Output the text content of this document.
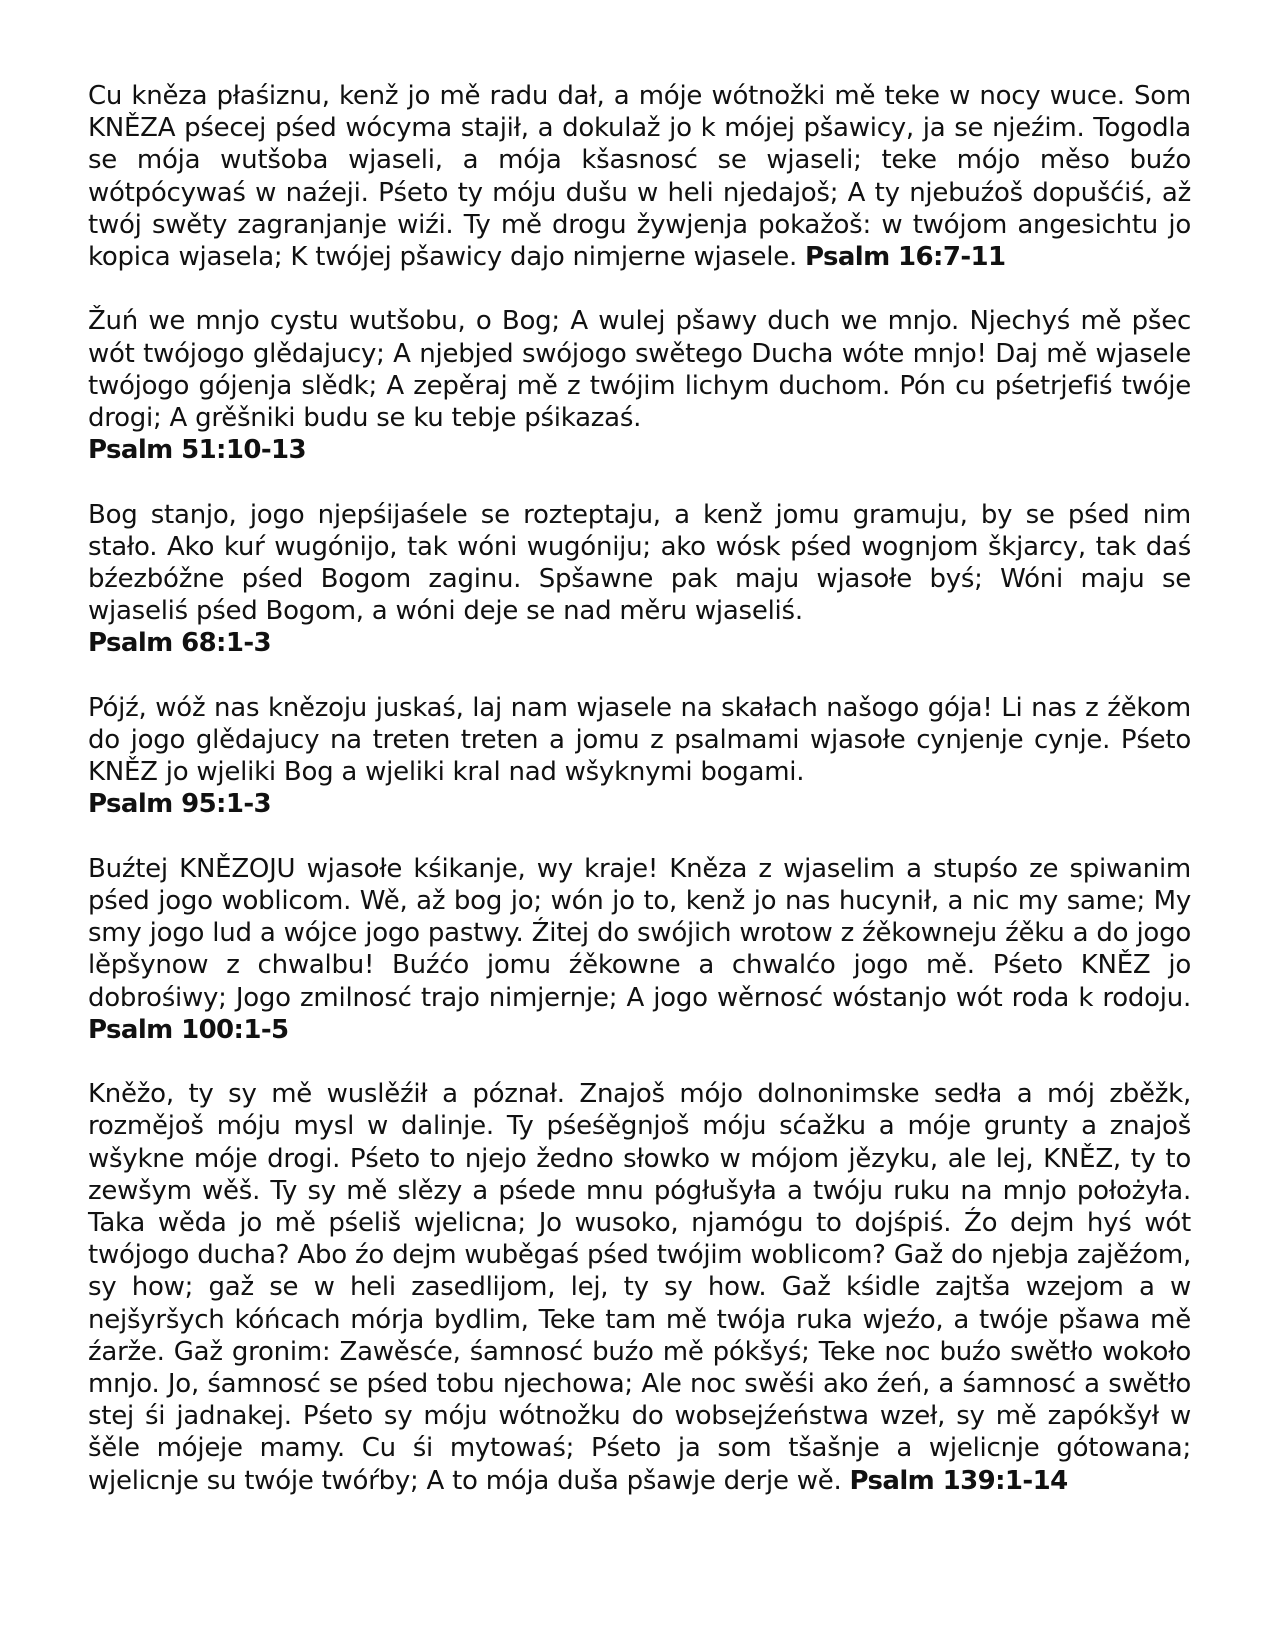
Cu kněza płaśiznu, kenž jo mě radu dał, a móje wótnožki mě teke w nocy wuce. Som KNĚZA pśecej pśed wócyma stajił, a dokulaž jo k mójej pšawicy, ja se njeźim. Togodla se mója wutšoba wjaseli, a mója kšasnosć se wjaseli; teke mójo měso buźo wótpócywaś w naźeji. Pśeto ty móju dušu w heli njedajoš; A ty njebuźoš dopušćiś, až twój swěty zagranjanje wiźi. Ty mě drogu žywjenja pokažoš: w twójom angesichtu jo kopica wjasela; K twójej pšawicy dajo nimjerne wjasele. Psalm 16:7-11

Žuń we mnjo cystu wutšobu, o Bog; A wulej pšawy duch we mnjo. Njechyś mě pšec wót twójogo glědajucy; A njebjed swójogo swětego Ducha wóte mnjo! Daj mě wjasele twójogo gójenja slědk; A zepěraj mě z twójim lichym duchom. Pón cu pśetrjefiś twóje drogi; A grěšniki budu se ku tebje pśikazaś.
Psalm 51:10-13

Bog stanjo, jogo njepśijaśele se rozteptaju, a kenž jomu gramuju, by se pśed nim stało. Ako kuŕ wugónijo, tak wóni wugóniju; ako wósk pśed wognjom škjarcy, tak daś bźezbóžne pśed Bogom zaginu. Spšawne pak maju wjasołe byś; Wóni maju se wjaseliś pśed Bogom, a wóni deje se nad měru wjaseliś.
Psalm 68:1-3

Pójź, wóž nas knězoju juskaś, laj nam wjasele na skałach našogo gója! Li nas z źěkom do jogo glědajucy na treten treten a jomu z psalmami wjasołe cynjenje cynje. Pśeto KNĚZ jo wjeliki Bog a wjeliki kral nad wšyknymi bogami.
Psalm 95:1-3

Buźtej KNĚZOJU wjasołe kśikanje, wy kraje! Kněza z wjaselim a stupśo ze spiwanim pśed jogo woblicom. Wě, až bog jo; wón jo to, kenž jo nas hucynił, a nic my same; My smy jogo lud a wójce jogo pastwy. Źitej do swójich wrotow z źěkowneju źěku a do jogo lěpšynow z chwalbu! Buźćo jomu źěkowne a chwalćo jogo mě. Pśeto KNĚZ jo dobrośiwy; Jogo zmilnosć trajo nimjernje; A jogo wěrnosć wóstanjo wót roda k rodoju. Psalm 100:1-5

Kněžo, ty sy mě wuslěźił a póznał. Znajoš mójo dolnonimske sedła a mój zběžk, rozmějoš móju mysl w dalinje. Ty pśeśěgnjoš móju sćažku a móje grunty a znajoš wšykne móje drogi. Pśeto to njejo žedno słowko w mójom jězyku, ale lej, KNĚZ, ty to zewšym wěš. Ty sy mě slězy a pśede mnu pógłušyła a twóju ruku na mnjo położyła. Taka wěda jo mě pśeliš wjelicna; Jo wusoko, njamógu to dojśpiś. Źo dejm hyś wót twójogo ducha? Abo źo dejm wuběgaś pśed twójim woblicom? Gaž do njebja zajěźom, sy how; gaž se w heli zasedlijom, lej, ty sy how. Gaž kśidle zajtša wzejom a w nejšyršych kóńcach mórja bydlim, Teke tam mě twója ruka wjeźo, a twóje pšawa mě źarže. Gaž gronim: Zawěsće, śamnosć buźo mě pókšyś; Teke noc buźo swětło wokoło mnjo. Jo, śamnosć se pśed tobu njechowa; Ale noc swěśi ako źeń, a śamnosć a swětło stej śi jadnakej. Pśeto sy móju wótnožku do wobsejźeństwa wzeł, sy mě zapókšył w šěle mójeje mamy. Cu śi mytowaś; Pśeto ja som tšašnje a wjelicnje gótowana; wjelicnje su twóje twóŕby; A to mója duša pšawje derje wě. Psalm 139:1-14
